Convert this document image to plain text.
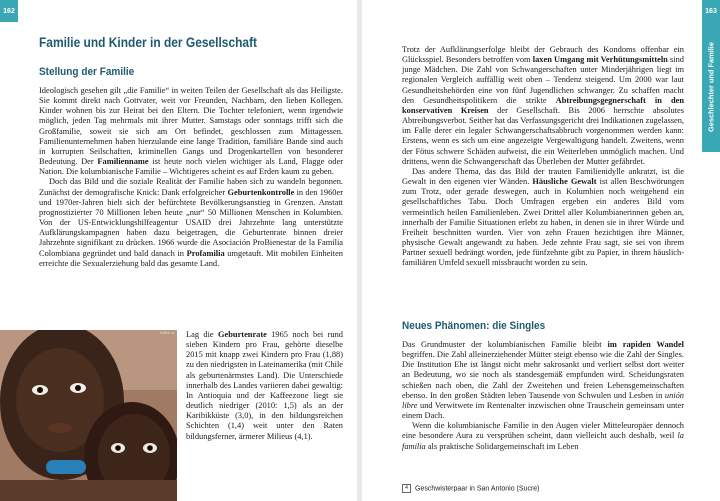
162
Familie und Kinder in der Gesellschaft
Stellung der Familie

Ideologisch gesehen gilt „die Familie“ in weiten Teilen der Gesellschaft als das Heiligste. Sie kommt direkt nach Gottvater, weit vor Freunden, Nachbarn, den lieben Kollegen. Kinder wohnen bis zur Heirat bei den Eltern. Die Tochter telefoniert, wenn irgendwie möglich, jeden Tag mehrmals mit ihrer Mutter. Samstags oder sonntags trifft sich die Großfamilie, soweit sie sich am Ort befindet, geschlossen zum Mittagessen. Familienunternehmen haben hierzulande eine lange Tradition, familiäre Bande sind auch in korrupten Seilschaften, kriminellen Gangs und Drogenkartellen von besonderer Bedeutung. Der Familienname ist heute noch vielen wichtiger als Land, Flagge oder Nation. Die kolumbianische Familie – Wichtigeres scheint es auf Erden kaum zu geben.

Doch das Bild und die soziale Realität der Familie haben sich zu wandeln begonnen. Zunächst der demografische Knick: Dank erfolgreicher Geburtenkontrolle in den 1960er und 1970er-Jahren hielt sich der befürchtete Bevölkerungsanstieg in Grenzen. Anstatt prognostizierter 70 Millionen leben heute „nur“ 50 Millionen Menschen in Kolumbien. Von der US-Entwicklungshilfeagentur USAID drei Jahrzehnte lang unterstützte Aufklärungskampagnen haben dazu beigetragen, die Geburtenrate binnen dreier Jahrzehnte signifikant zu drücken. 1966 wurde die Asociación ProBienestar de la Familia Colombiana gegründet und bald danach in Profamilia umgetauft. Mit mobilen Einheiten erreichte die Sexualerziehung bald das gesamte Land.

048kk rw Lag die Geburtenrate 1965 noch bei rund sieben Kindern pro Frau, gehörte dieselbe 2015 mit knapp zwei Kindern pro Frau (1,88) zu den niedrigsten in Lateinamerika (mit Chile als geburtenärmstes Land). Die Unterschiede innerhalb des Landes variieren dabei gewaltig: In Antioquia und der Kaffeezone liegt sie deutlich niedriger (2010: 1,5) als an der Karibikküste (3,0), in den bildungsreichen Schichten (1,4) weit unter den Raten bildungsferner, ärmerer Milieus (4,1).

163
Geschlechter und Familie

Trotz der Aufklärungserfolge bleibt der Gebrauch des Kondoms offenbar ein Glücksspiel. Besonders betroffen vom laxen Umgang mit Verhütungsmitteln sind junge Mädchen. Die Zahl von Schwangerschaften unter Minderjährigen liegt im regionalen Vergleich auffällig weit oben – Tendenz steigend. Um 2000 war laut Gesundheitsbehörden eine von fünf Jugendlichen schwanger. Zu schaffen macht den Gesundheitspolitikern die strikte Abtreibungsgegnerschaft in den konservativen Kreisen der Gesellschaft. Bis 2006 herrschte absolutes Abtreibungsverbot. Seither hat das Verfassungsgericht drei Indikationen zugelassen, im Falle derer ein legaler Schwangerschaftsabbruch vorgenommen werden kann: Erstens, wenn es sich um eine angezeigte Vergewaltigung handelt. Zweitens, wenn der Fötus schwere Schäden aufweist, die ein Weiterleben unmöglich machen. Und drittens, wenn die Schwangerschaft das Überleben der Mutter gefährdet.

Das andere Thema, das das Bild der trauten Familienidylle ankratzt, ist die Gewalt in den eigenen vier Wänden. Häusliche Gewalt ist allen Beschwörungen zum Trotz, oder gerade deswegen, auch in Kolumbien noch weitgehend ein gesellschaftliches Tabu. Doch Umfragen ergeben ein anderes Bild vom vermeintlich heilen Familienleben. Zwei Drittel aller Kolumbianerinnen geben an, innerhalb der Familie Situationen erlebt zu haben, in denen sie in ihrer Würde und Freiheit beschnitten wurden. Vier von zehn Frauen bezichtigen ihre Männer, physische Gewalt angewandt zu haben. Jede zehnte Frau sagt, sie sei von ihrem Partner sexuell bedrängt worden, jede fünfzehnte gibt zu Papier, in ihrem häuslich-familiären Umfeld sexuell missbraucht worden zu sein.

Neues Phänomen: die Singles

Das Grundmuster der kolumbianischen Familie bleibt im rapiden Wandel begriffen. Die Zahl alleinerziehender Mütter steigt ebenso wie die Zahl der Singles. Die Institution Ehe ist längst nicht mehr sakrosankt und verliert selbst dort weiter an Bedeutung, wo sie noch als standesgemäß empfunden wird. Scheidungsraten schießen nach oben, die Zahl der Zweitehen und freien Lebensgemeinschaften ebenso. In den großen Städten leben Tausende von Schwulen und Lesben in unión libre und Verwitwete im Rentenalter inzwischen ohne Trauschein gemeinsam unter einem Dach.

Wenn die kolumbianische Familie in den Augen vieler Mitteleuropäer dennoch eine besondere Aura zu versprühen scheint, dann vielleicht auch deshalb, weil la familia als praktische Solidargemeinschaft im Leben

4 Geschwisterpaar in San Antonio (Sucre)
